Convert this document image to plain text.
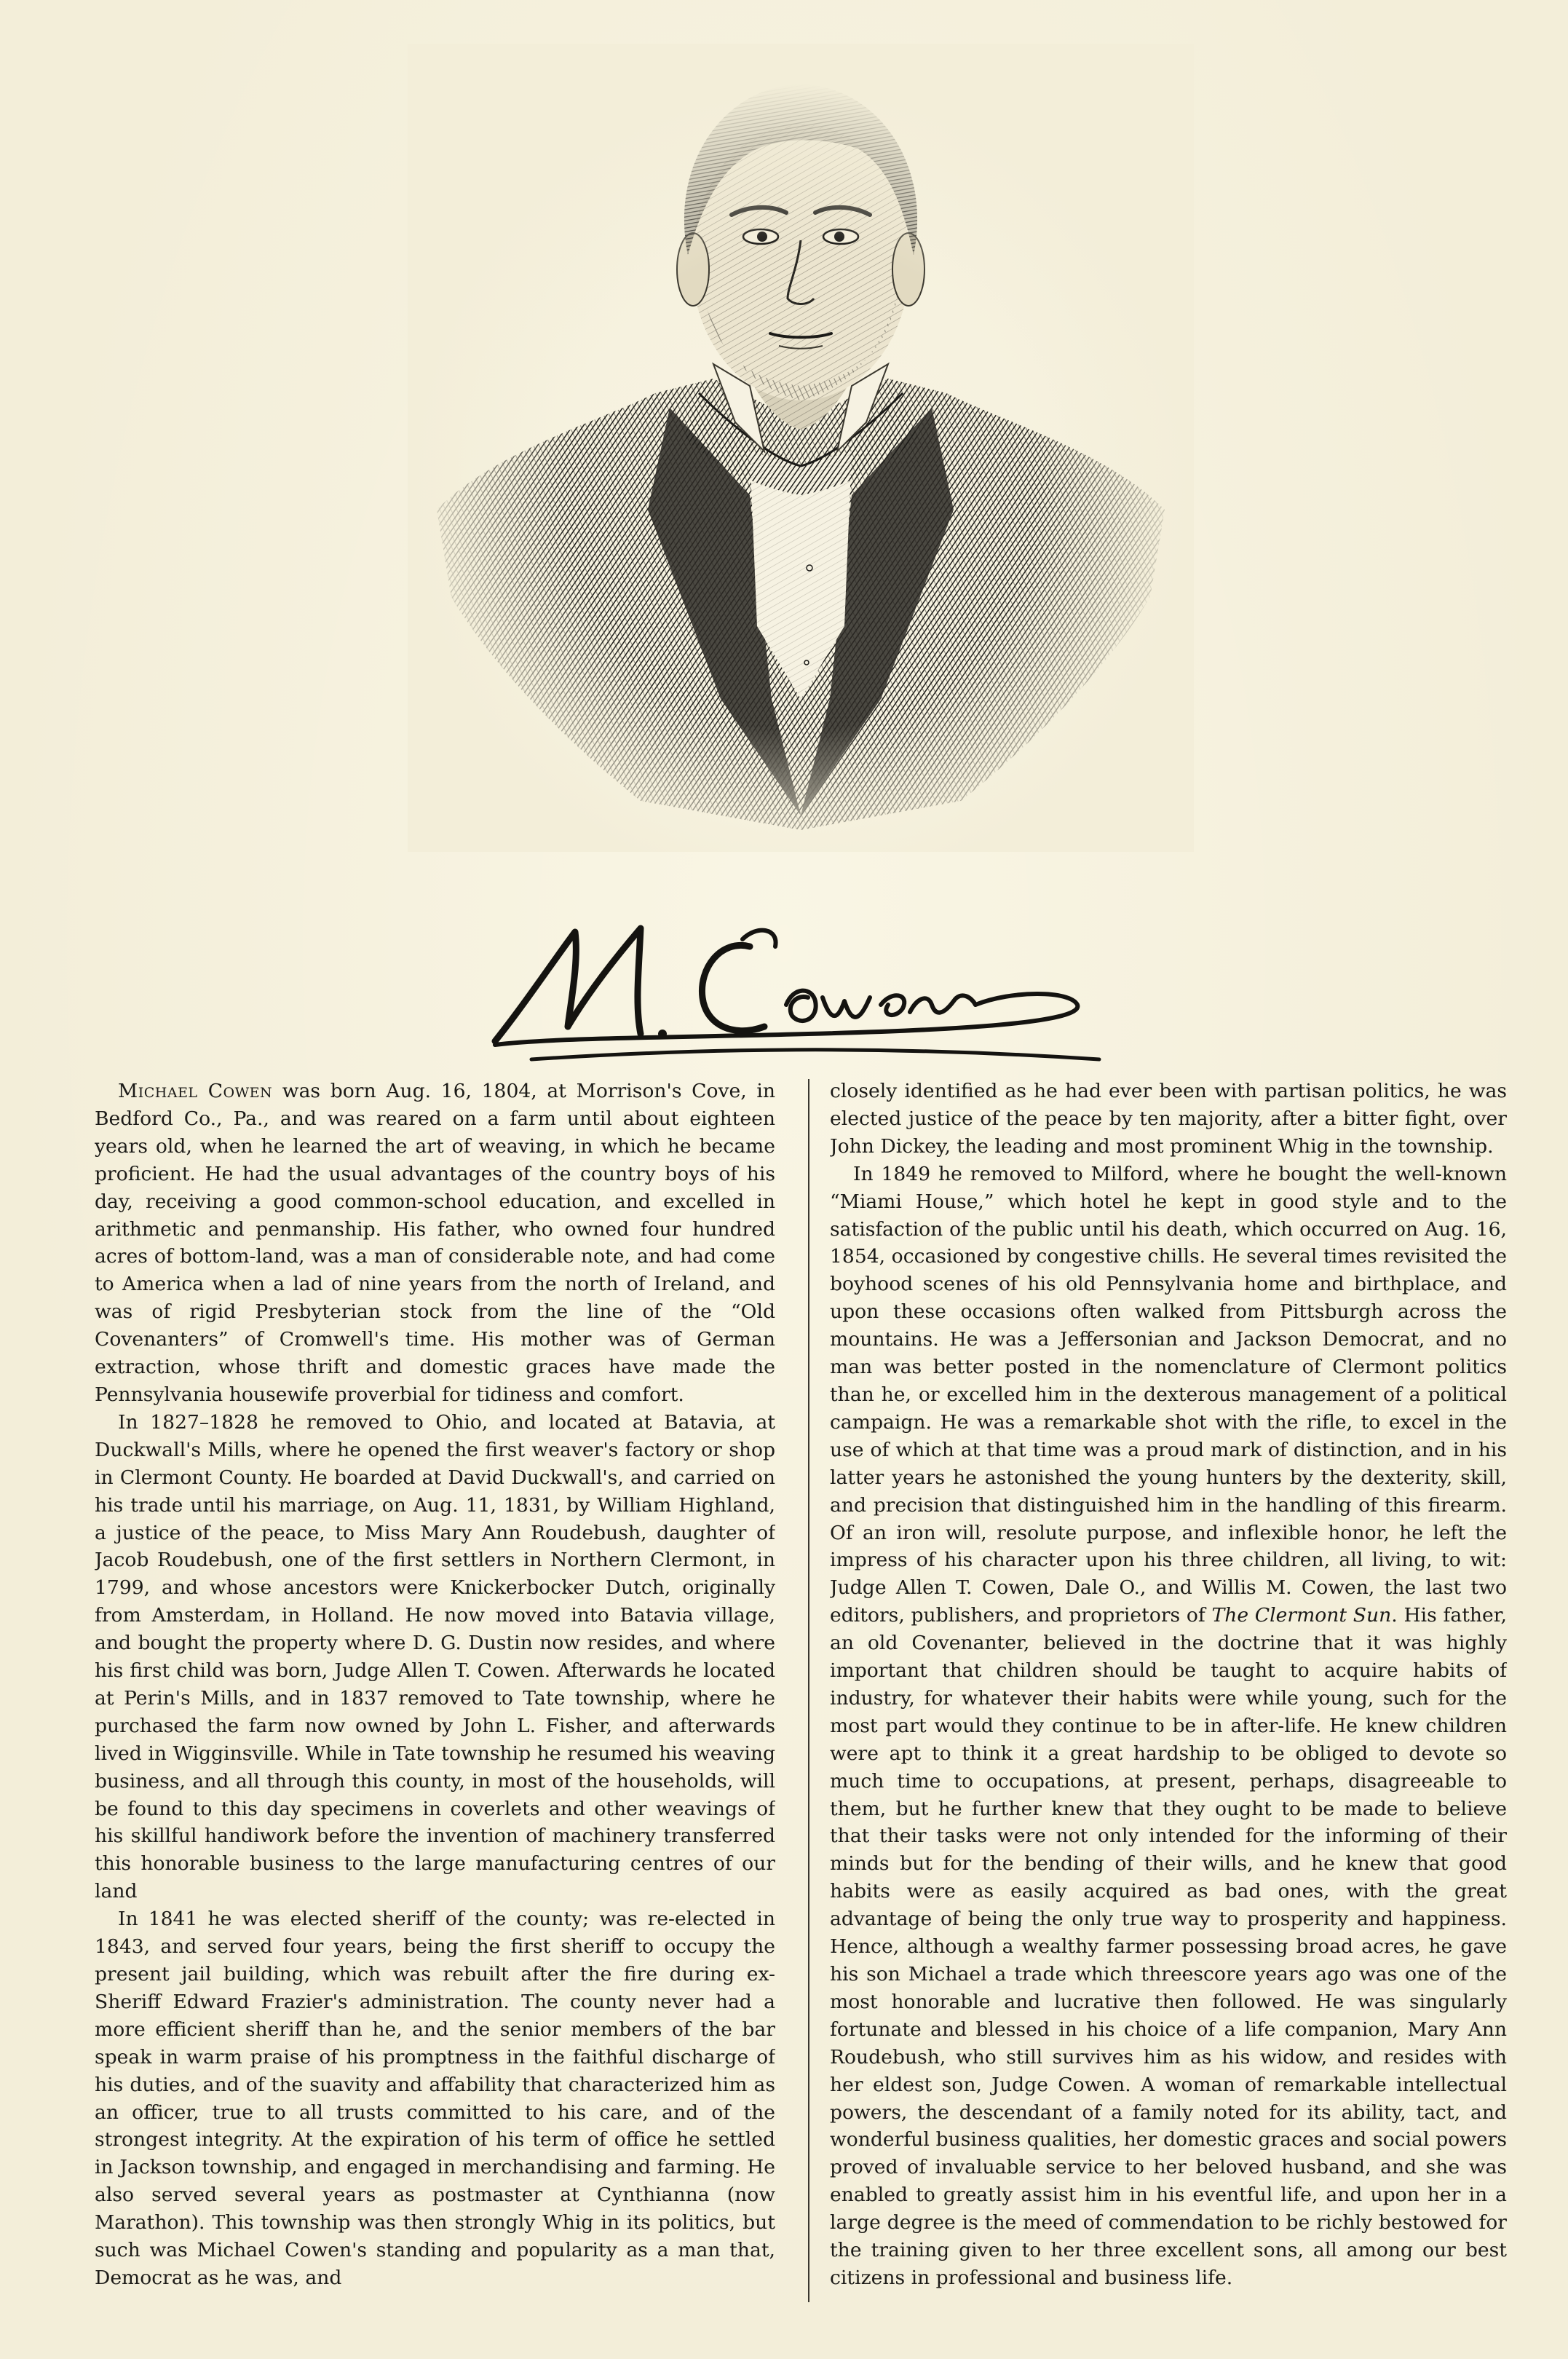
Michael Cowen was born Aug. 16, 1804, at Morrison's Cove, in Bedford Co., Pa., and was reared on a farm until about eighteen years old, when he learned the art of weaving, in which he became proficient. He had the usual advantages of the country boys of his day, receiving a good common-school education, and excelled in arithmetic and penmanship. His father, who owned four hundred acres of bottom-land, was a man of considerable note, and had come to America when a lad of nine years from the north of Ireland, and was of rigid Presbyterian stock from the line of the “Old Covenanters” of Cromwell's time. His mother was of German extraction, whose thrift and domestic graces have made the Pennsylvania housewife proverbial for tidiness and comfort.

In 1827–1828 he removed to Ohio, and located at Batavia, at Duckwall's Mills, where he opened the first weaver's factory or shop in Clermont County. He boarded at David Duckwall's, and carried on his trade until his marriage, on Aug. 11, 1831, by William Highland, a justice of the peace, to Miss Mary Ann Roudebush, daughter of Jacob Roudebush, one of the first settlers in Northern Clermont, in 1799, and whose ancestors were Knickerbocker Dutch, originally from Amsterdam, in Holland. He now moved into Batavia village, and bought the property where D. G. Dustin now resides, and where his first child was born, Judge Allen T. Cowen. Afterwards he located at Perin's Mills, and in 1837 removed to Tate township, where he purchased the farm now owned by John L. Fisher, and afterwards lived in Wigginsville. While in Tate township he resumed his weaving business, and all through this county, in most of the households, will be found to this day specimens in coverlets and other weavings of his skillful handiwork before the invention of machinery transferred this honorable business to the large manufacturing centres of our land

In 1841 he was elected sheriff of the county; was re-elected in 1843, and served four years, being the first sheriff to occupy the present jail building, which was rebuilt after the fire during ex-Sheriff Edward Frazier's administration. The county never had a more efficient sheriff than he, and the senior members of the bar speak in warm praise of his promptness in the faithful discharge of his duties, and of the suavity and affability that characterized him as an officer, true to all trusts committed to his care, and of the strongest integrity. At the expiration of his term of office he settled in Jackson township, and engaged in merchandising and farming. He also served several years as postmaster at Cynthianna (now Marathon). This township was then strongly Whig in its politics, but such was Michael Cowen's standing and popularity as a man that, Democrat as he was, and

closely identified as he had ever been with partisan politics, he was elected justice of the peace by ten majority, after a bitter fight, over John Dickey, the leading and most prominent Whig in the township.

In 1849 he removed to Milford, where he bought the well-known “Miami House,” which hotel he kept in good style and to the satisfaction of the public until his death, which occurred on Aug. 16, 1854, occasioned by congestive chills. He several times revisited the boyhood scenes of his old Pennsylvania home and birthplace, and upon these occasions often walked from Pittsburgh across the mountains. He was a Jeffersonian and Jackson Democrat, and no man was better posted in the nomenclature of Clermont politics than he, or excelled him in the dexterous management of a political campaign. He was a remarkable shot with the rifle, to excel in the use of which at that time was a proud mark of distinction, and in his latter years he astonished the young hunters by the dexterity, skill, and precision that distinguished him in the handling of this firearm. Of an iron will, resolute purpose, and inflexible honor, he left the impress of his character upon his three children, all living, to wit: Judge Allen T. Cowen, Dale O., and Willis M. Cowen, the last two editors, publishers, and proprietors of The Clermont Sun. His father, an old Covenanter, believed in the doctrine that it was highly important that children should be taught to acquire habits of industry, for whatever their habits were while young, such for the most part would they continue to be in after-life. He knew children were apt to think it a great hardship to be obliged to devote so much time to occupations, at present, perhaps, disagreeable to them, but he further knew that they ought to be made to believe that their tasks were not only intended for the informing of their minds but for the bending of their wills, and he knew that good habits were as easily acquired as bad ones, with the great advantage of being the only true way to prosperity and happiness. Hence, although a wealthy farmer possessing broad acres, he gave his son Michael a trade which threescore years ago was one of the most honorable and lucrative then followed. He was singularly fortunate and blessed in his choice of a life companion, Mary Ann Roudebush, who still survives him as his widow, and resides with her eldest son, Judge Cowen. A woman of remarkable intellectual powers, the descendant of a family noted for its ability, tact, and wonderful business qualities, her domestic graces and social powers proved of invaluable service to her beloved husband, and she was enabled to greatly assist him in his eventful life, and upon her in a large degree is the meed of commendation to be richly bestowed for the training given to her three excellent sons, all among our best citizens in professional and business life.
